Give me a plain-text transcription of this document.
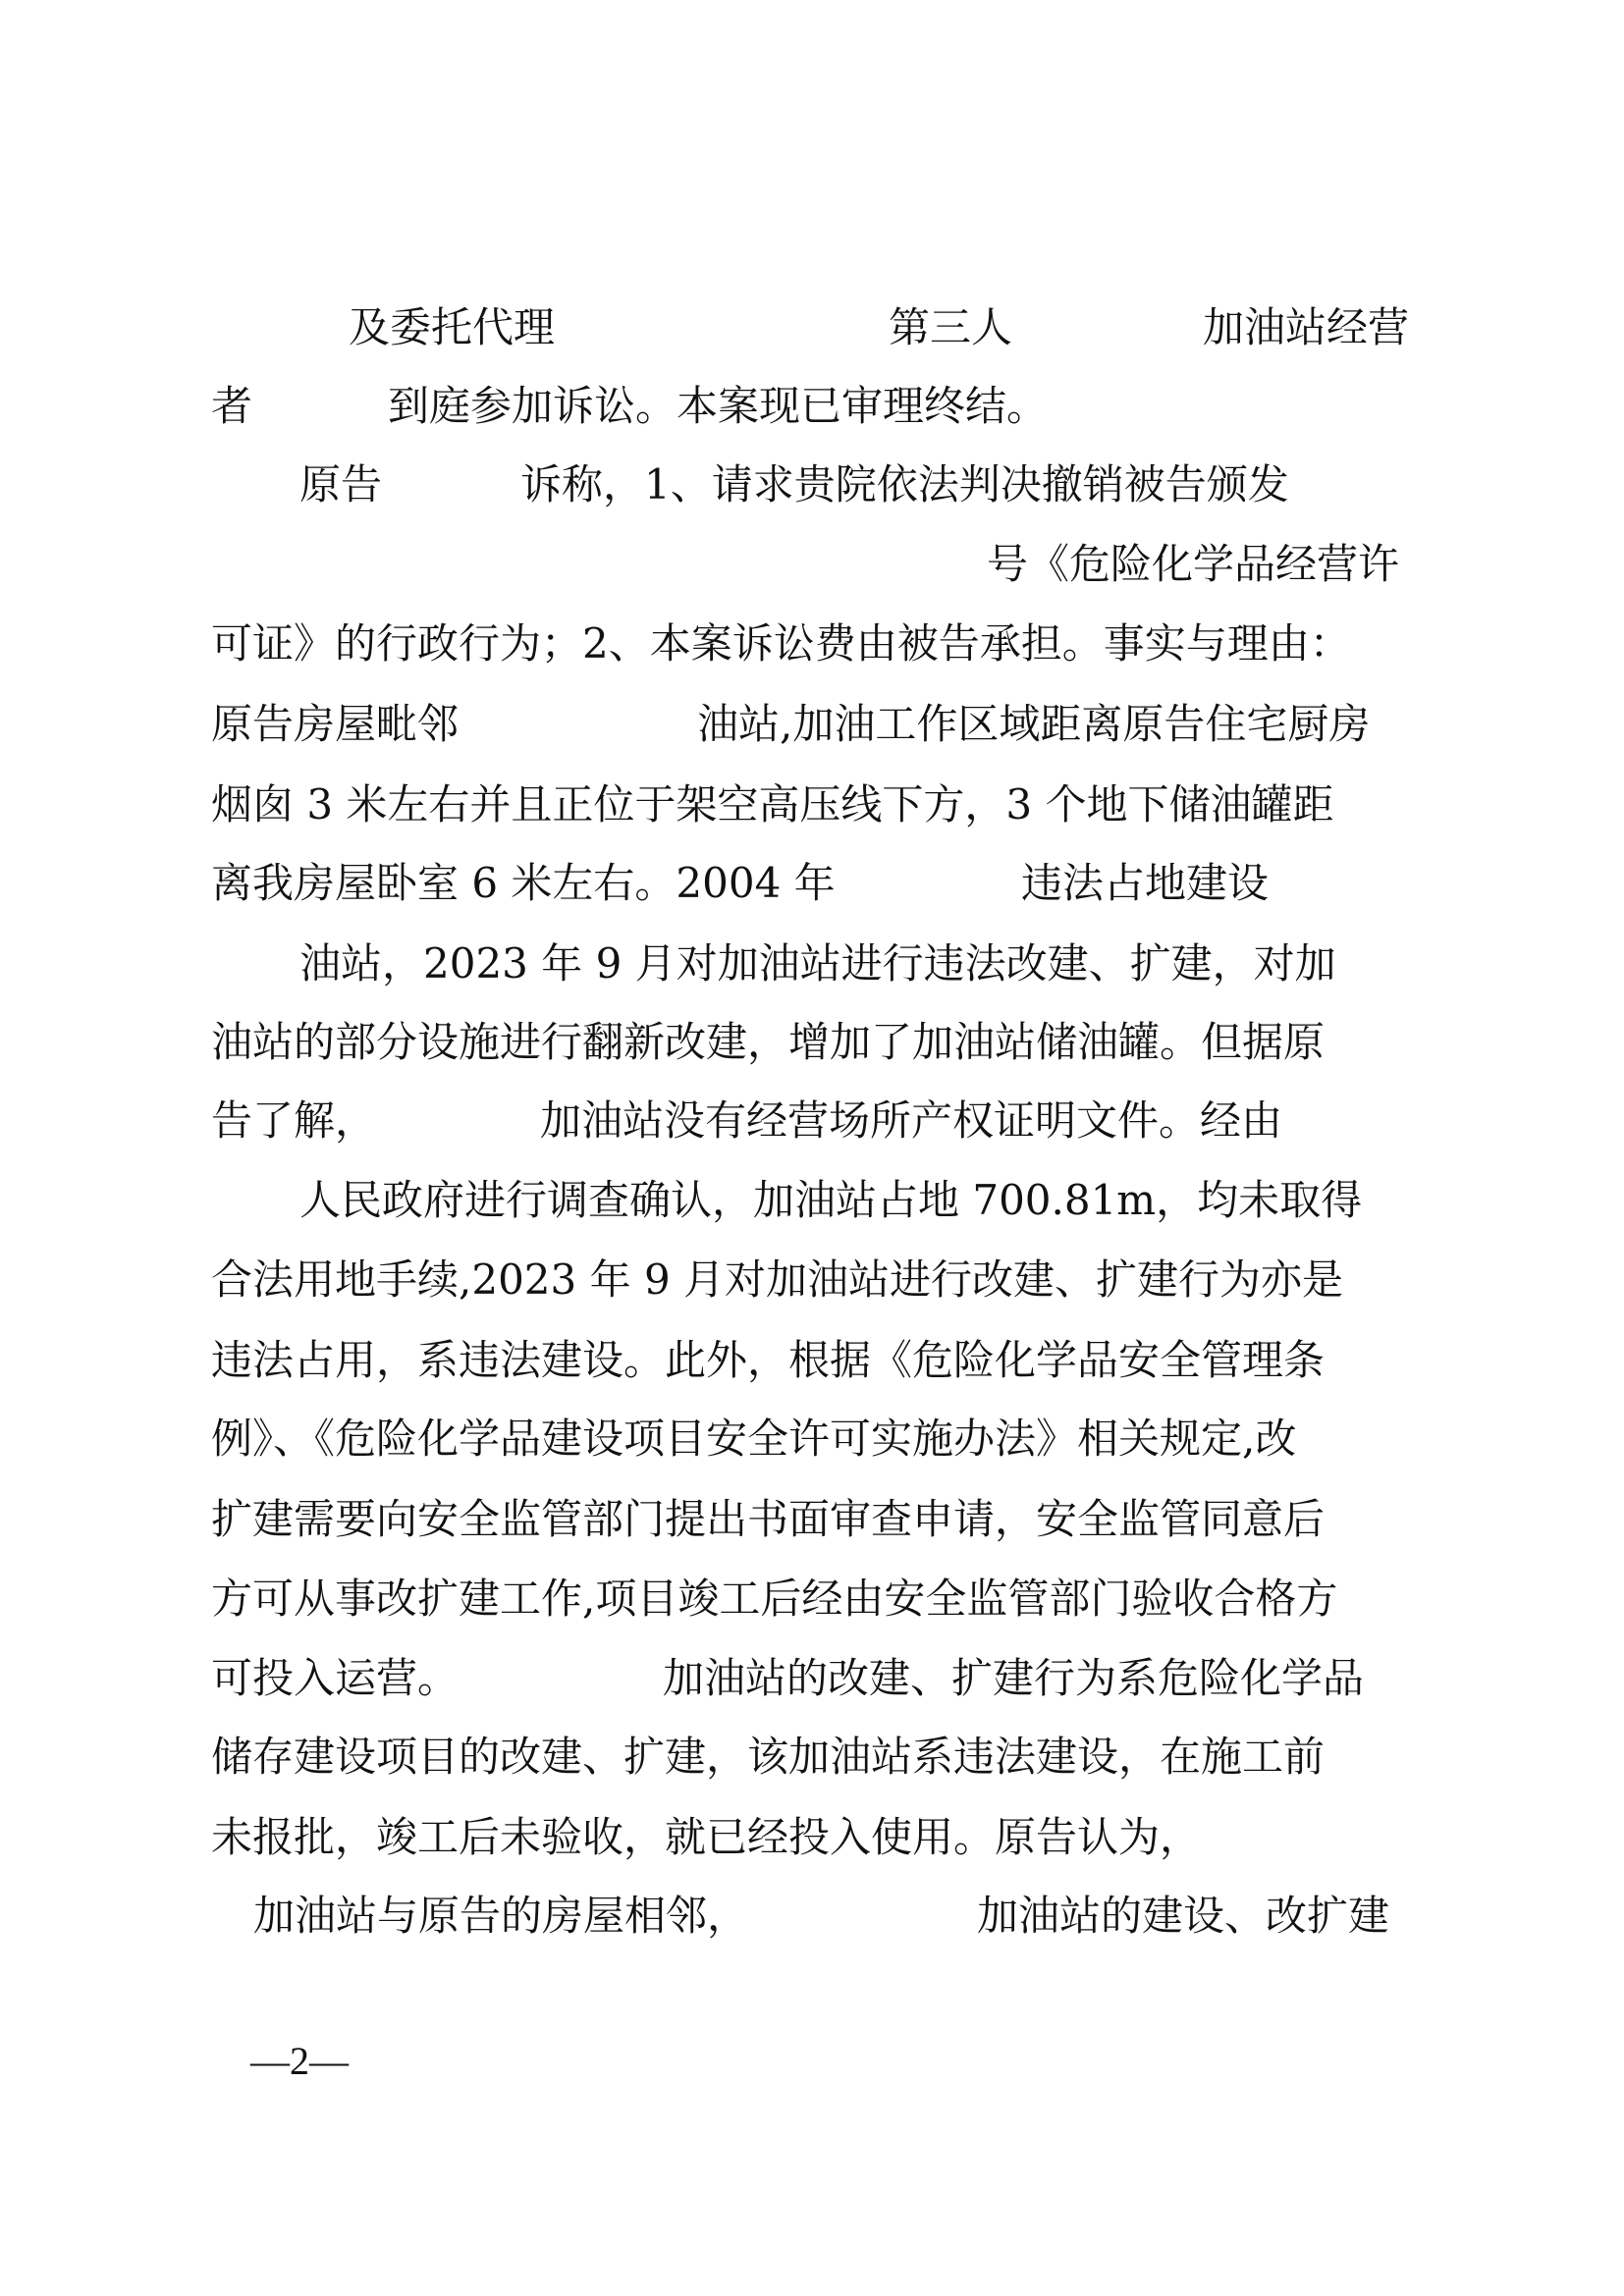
及委托代理	第三人	加油站经营
者	到庭参加诉讼。本案现已审理终结。
原告	诉称，1、请求贵院依法判决撤销被告颁发
号《危险化学品经营许
可证》的行政行为；2、本案诉讼费由被告承担。事实与理由：
原告房屋毗邻	油站,加油工作区域距离原告住宅厨房
烟囱 3 米左右并且正位于架空高压线下方，3 个地下储油罐距
离我房屋卧室 6 米左右。2004 年	违法占地建设
油站，2023 年 9 月对加油站进行违法改建、扩建，对加
油站的部分设施进行翻新改建，增加了加油站储油罐。但据原
告了解，	加油站没有经营场所产权证明文件。经由
人民政府进行调查确认，加油站占地 700.81m，均未取得
合法用地手续,2023 年 9 月对加油站进行改建、扩建行为亦是
违法占用，系违法建设。此外，根据《危险化学品安全管理条
例》、《危险化学品建设项目安全许可实施办法》相关规定,改
扩建需要向安全监管部门提出书面审查申请，安全监管同意后
方可从事改扩建工作,项目竣工后经由安全监管部门验收合格方
可投入运营。	加油站的改建、扩建行为系危险化学品
储存建设项目的改建、扩建，该加油站系违法建设，在施工前
未报批，竣工后未验收，就已经投入使用。原告认为，
加油站与原告的房屋相邻，	加油站的建设、改扩建
—2—
